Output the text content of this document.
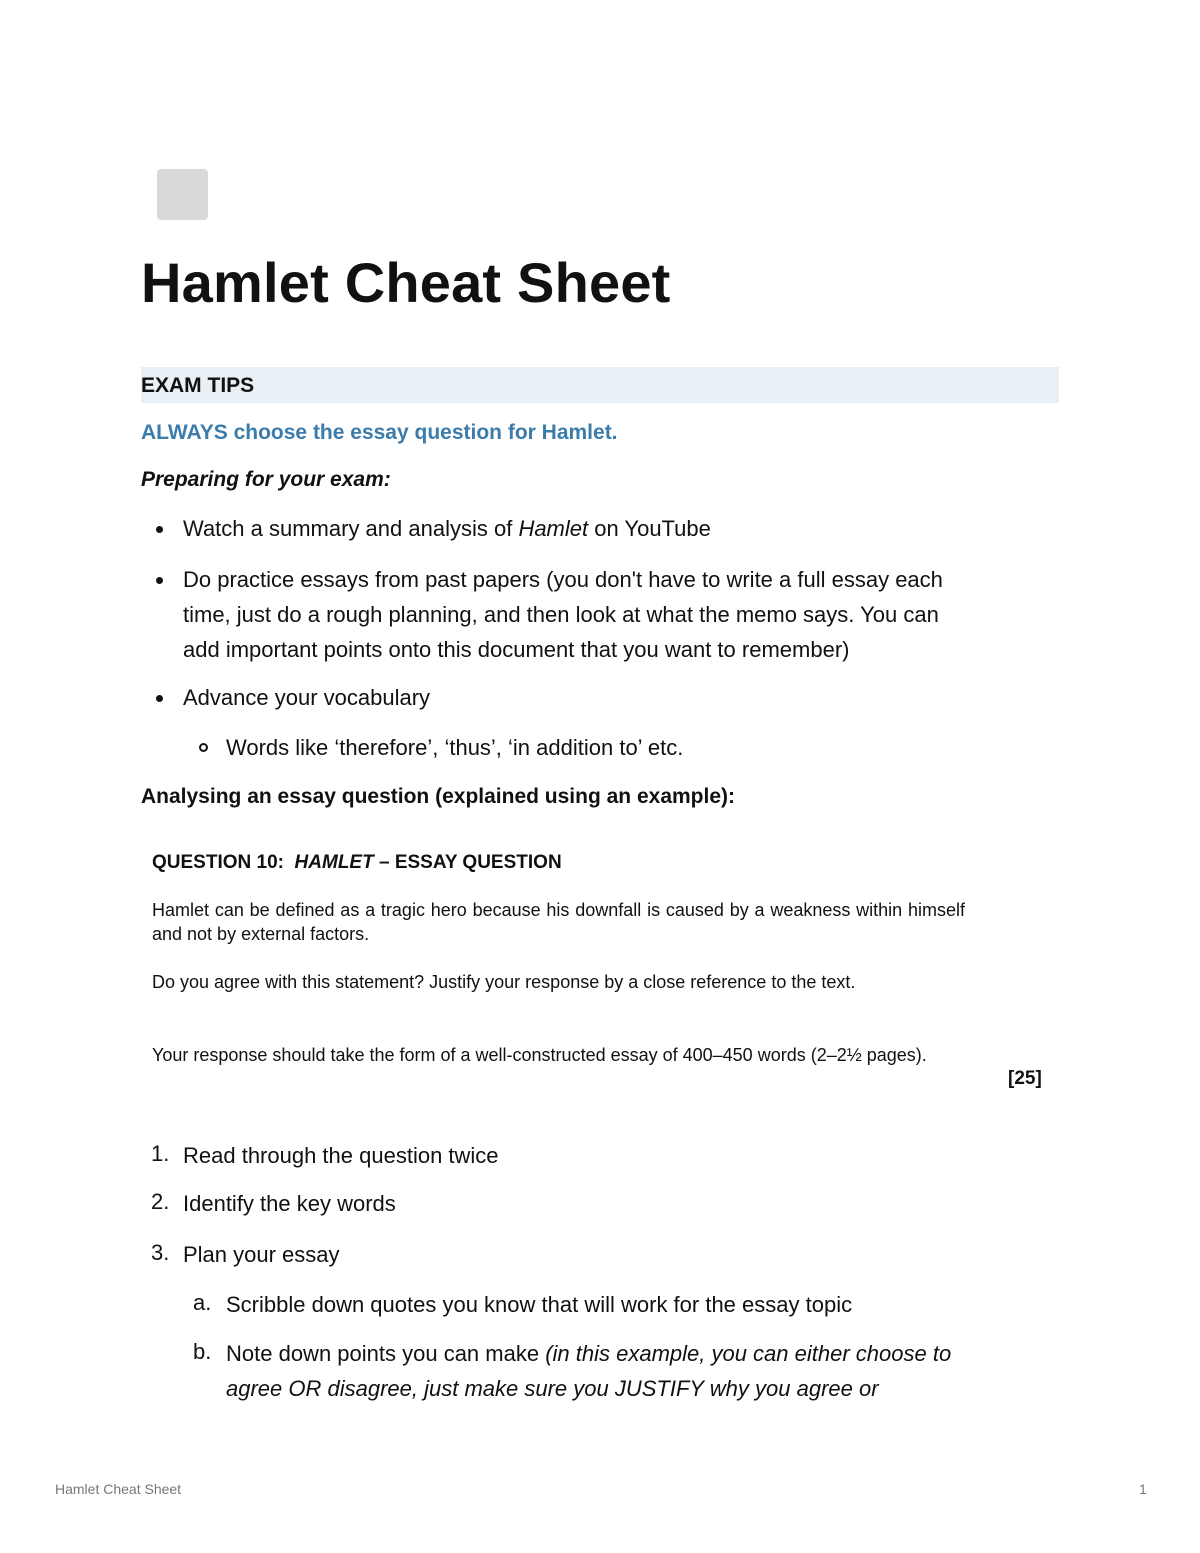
Hamlet Cheat Sheet
EXAM TIPS

ALWAYS choose the essay question for Hamlet.

Preparing for your exam:

Watch a summary and analysis of Hamlet on YouTube

Do practice essays from past papers (you don't have to write a full essay each
time, just do a rough planning, and then look at what the memo says. You can
add important points onto this document that you want to remember)

Advance your vocabulary

Words like ‘therefore’, ‘thus’, ‘in addition to’ etc.

Analysing an essay question (explained using an example):

QUESTION 10: HAMLET – ESSAY QUESTION
Hamlet can be defined as a tragic hero because his downfall is caused by a weakness within himself and not by external factors.
Do you agree with this statement? Justify your response by a close reference to the text.
Your response should take the form of a well-constructed essay of 400–450 words (2–2½ pages).
[25]
1. Read through the question twice

2. Identify the key words

3. Plan your essay

a. Scribble down quotes you know that will work for the essay topic

b. Note down points you can make (in this example, you can either choose to
agree OR disagree, just make sure you JUSTIFY why you agree or

Hamlet Cheat Sheet	1
